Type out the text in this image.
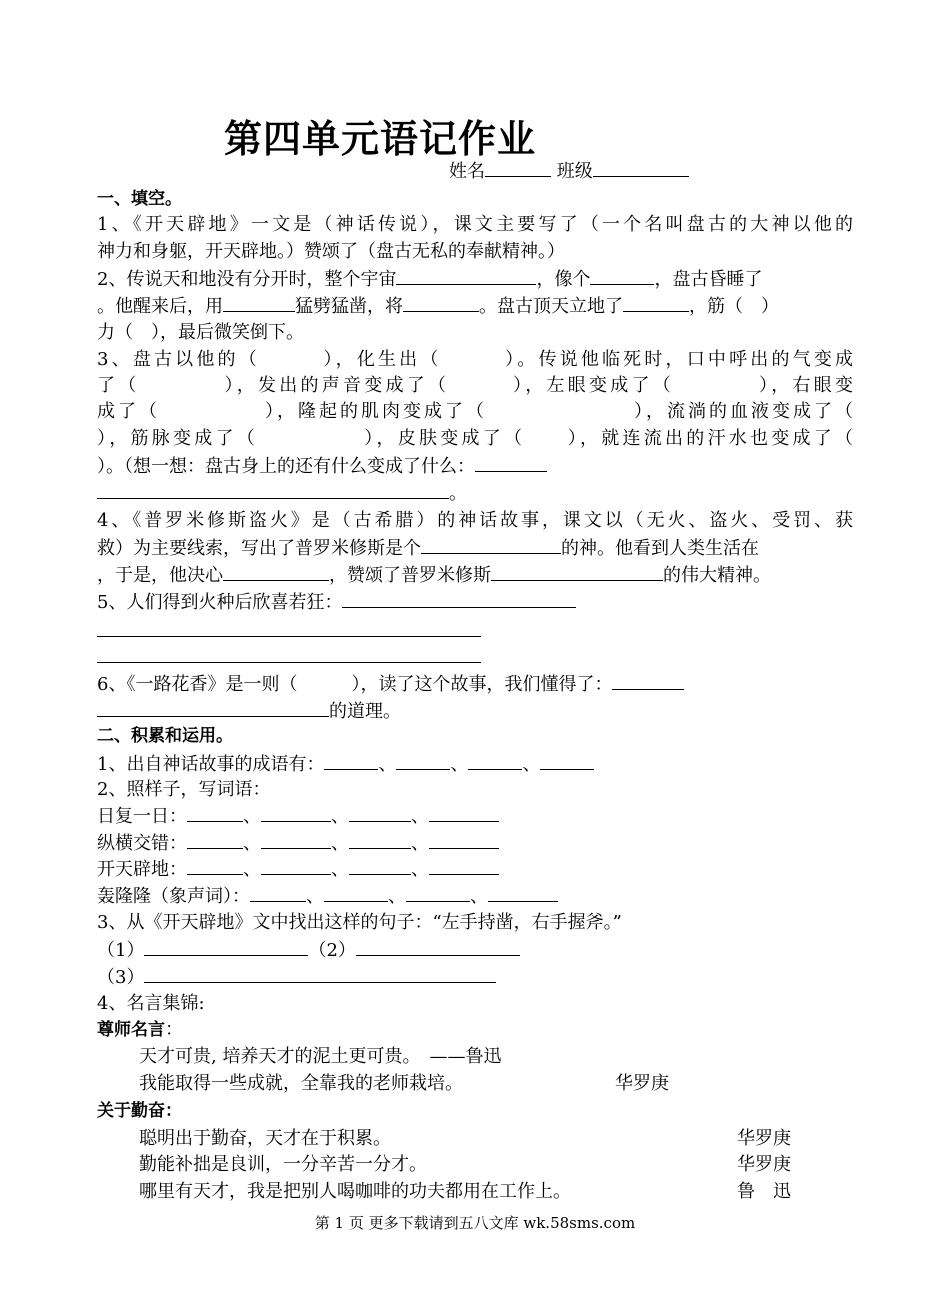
第四单元语记作业
姓名	班级
一、填空。
1、《开天辟地》一文是（神话传说），课文主要写了（一个名叫盘古的大神以他的
神力和身躯，开天辟地。）赞颂了（盘古无私的奉献精神。）
2、传说天和地没有分开时，整个宇宙	，像个	，盘古昏睡了
。他醒来后，用	猛劈猛凿，将	。盘古顶天立地了	，筋（　）
力（　），最后微笑倒下。
3、盘古以他的（　　　），化生出（　　　）。传说他临死时，口中呼出的气变成
了（　　　　），发出的声音变成了（　　　），左眼变成了（　　　　），右眼变
成了（　　　　　），隆起的肌肉变成了（　　　　　　　），流淌的血液变成了（
），筋脉变成了（　　　　　），皮肤变成了（　　），就连流出的汗水也变成了（
）。（想一想：盘古身上的还有什么变成了什么：
。
4、《普罗米修斯盗火》是（古希腊）的神话故事，课文以（无火、盗火、受罚、获
救）为主要线索，写出了普罗米修斯是个	的神。他看到人类生活在
，于是，他决心	，赞颂了普罗米修斯	的伟大精神。
5、人们得到火种后欣喜若狂：
6、《一路花香》是一则（　　　），读了这个故事，我们懂得了：
的道理。
二、积累和运用。
1、出自神话故事的成语有：	、	、	、
2、照样子，写词语：
日复一日：	、	、	、
纵横交错：	、	、	、
开天辟地：	、	、	、
轰隆隆（象声词）：	、	、	、
3、从《开天辟地》文中找出这样的句子：“左手持凿，右手握斧。”
（1）	（2）
（3）
4、名言集锦:
尊师名言：
天才可贵, 培养天才的泥土更可贵。　——鲁迅
我能取得一些成就，全靠我的老师栽培。	华罗庚
关于勤奋：
聪明出于勤奋，天才在于积累。	华罗庚
勤能补拙是良训，一分辛苦一分才。	华罗庚
哪里有天才，我是把别人喝咖啡的功夫都用在工作上。	鲁　迅
第 1 页 更多下载请到五八文库 wk.58sms.com
